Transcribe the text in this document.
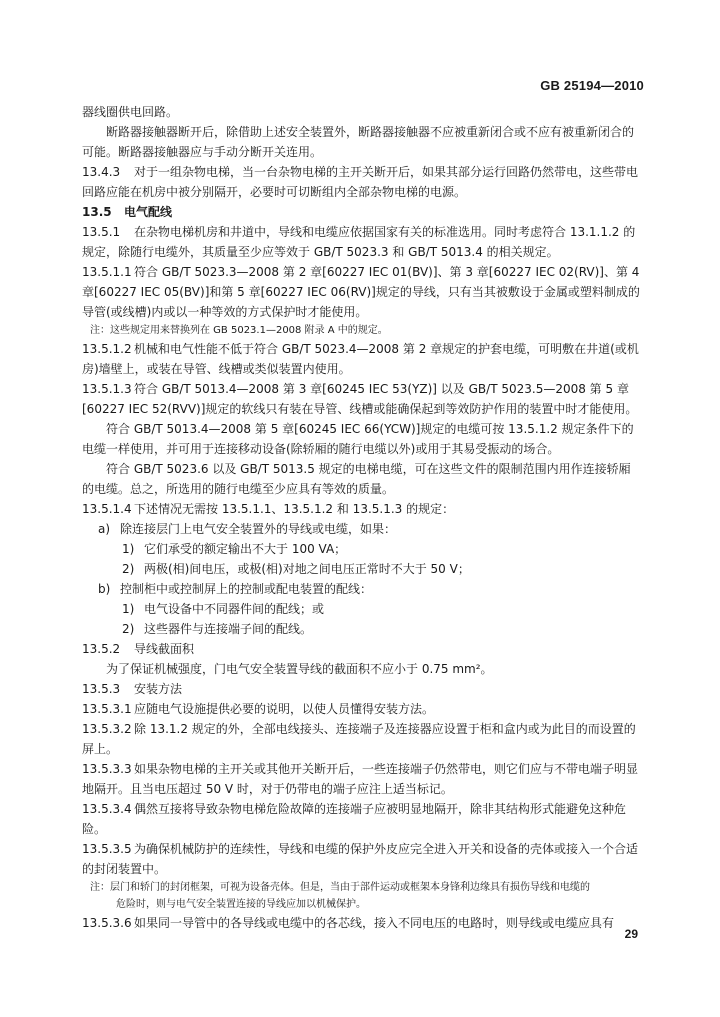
GB 25194—2010

器线圈供电回路。

断路器接触器断开后，除借助上述安全装置外，断路器接触器不应被重新闭合或不应有被重新闭合的可能。断路器接触器应与手动分断开关连用。

13.4.3 对于一组杂物电梯，当一台杂物电梯的主开关断开后，如果其部分运行回路仍然带电，这些带电回路应能在机房中被分别隔开，必要时可切断组内全部杂物电梯的电源。

13.5 电气配线

13.5.1 在杂物电梯机房和井道中，导线和电缆应依据国家有关的标准选用。同时考虑符合 13.1.1.2 的规定，除随行电缆外，其质量至少应等效于 GB/T 5023.3 和 GB/T 5013.4 的相关规定。

13.5.1.1 符合 GB/T 5023.3—2008 第 2 章[60227 IEC 01(BV)]、第 3 章[60227 IEC 02(RV)]、第 4 章[60227 IEC 05(BV)]和第 5 章[60227 IEC 06(RV)]规定的导线，只有当其被敷设于金属或塑料制成的导管(或线槽)内或以一种等效的方式保护时才能使用。

注：这些规定用来替换列在 GB 5023.1—2008 附录 A 中的规定。

13.5.1.2 机械和电气性能不低于符合 GB/T 5023.4—2008 第 2 章规定的护套电缆，可明敷在井道(或机房)墙壁上，或装在导管、线槽或类似装置内使用。

13.5.1.3 符合 GB/T 5013.4—2008 第 3 章[60245 IEC 53(YZ)] 以及 GB/T 5023.5—2008 第 5 章[60227 IEC 52(RVV)]规定的软线只有装在导管、线槽或能确保起到等效防护作用的装置中时才能使用。

符合 GB/T 5013.4—2008 第 5 章[60245 IEC 66(YCW)]规定的电缆可按 13.5.1.2 规定条件下的电缆一样使用，并可用于连接移动设备(除轿厢的随行电缆以外)或用于其易受振动的场合。

符合 GB/T 5023.6 以及 GB/T 5013.5 规定的电梯电缆，可在这些文件的限制范围内用作连接轿厢的电缆。总之，所选用的随行电缆至少应具有等效的质量。

13.5.1.4 下述情况无需按 13.5.1.1、13.5.1.2 和 13.5.1.3 的规定：

a) 除连接层门上电气安全装置外的导线或电缆，如果：

1) 它们承受的额定输出不大于 100 VA；

2) 两极(相)间电压，或极(相)对地之间电压正常时不大于 50 V；

b) 控制柜中或控制屏上的控制或配电装置的配线：

1) 电气设备中不同器件间的配线；或

2) 这些器件与连接端子间的配线。

13.5.2 导线截面积

为了保证机械强度，门电气安全装置导线的截面积不应小于 0.75 mm²。

13.5.3 安装方法

13.5.3.1 应随电气设施提供必要的说明，以使人员懂得安装方法。

13.5.3.2 除 13.1.2 规定的外，全部电线接头、连接端子及连接器应设置于柜和盒内或为此目的而设置的屏上。

13.5.3.3 如果杂物电梯的主开关或其他开关断开后，一些连接端子仍然带电，则它们应与不带电端子明显地隔开。且当电压超过 50 V 时，对于仍带电的端子应注上适当标记。

13.5.3.4 偶然互接将导致杂物电梯危险故障的连接端子应被明显地隔开，除非其结构形式能避免这种危险。

13.5.3.5 为确保机械防护的连续性，导线和电缆的保护外皮应完全进入开关和设备的壳体或接入一个合适的封闭装置中。

注：层门和轿门的封闭框架，可视为设备壳体。但是，当由于部件运动或框架本身锋利边缘具有损伤导线和电缆的

危险时，则与电气安全装置连接的导线应加以机械保护。

13.5.3.6 如果同一导管中的各导线或电缆中的各芯线，接入不同电压的电路时，则导线或电缆应具有

29
